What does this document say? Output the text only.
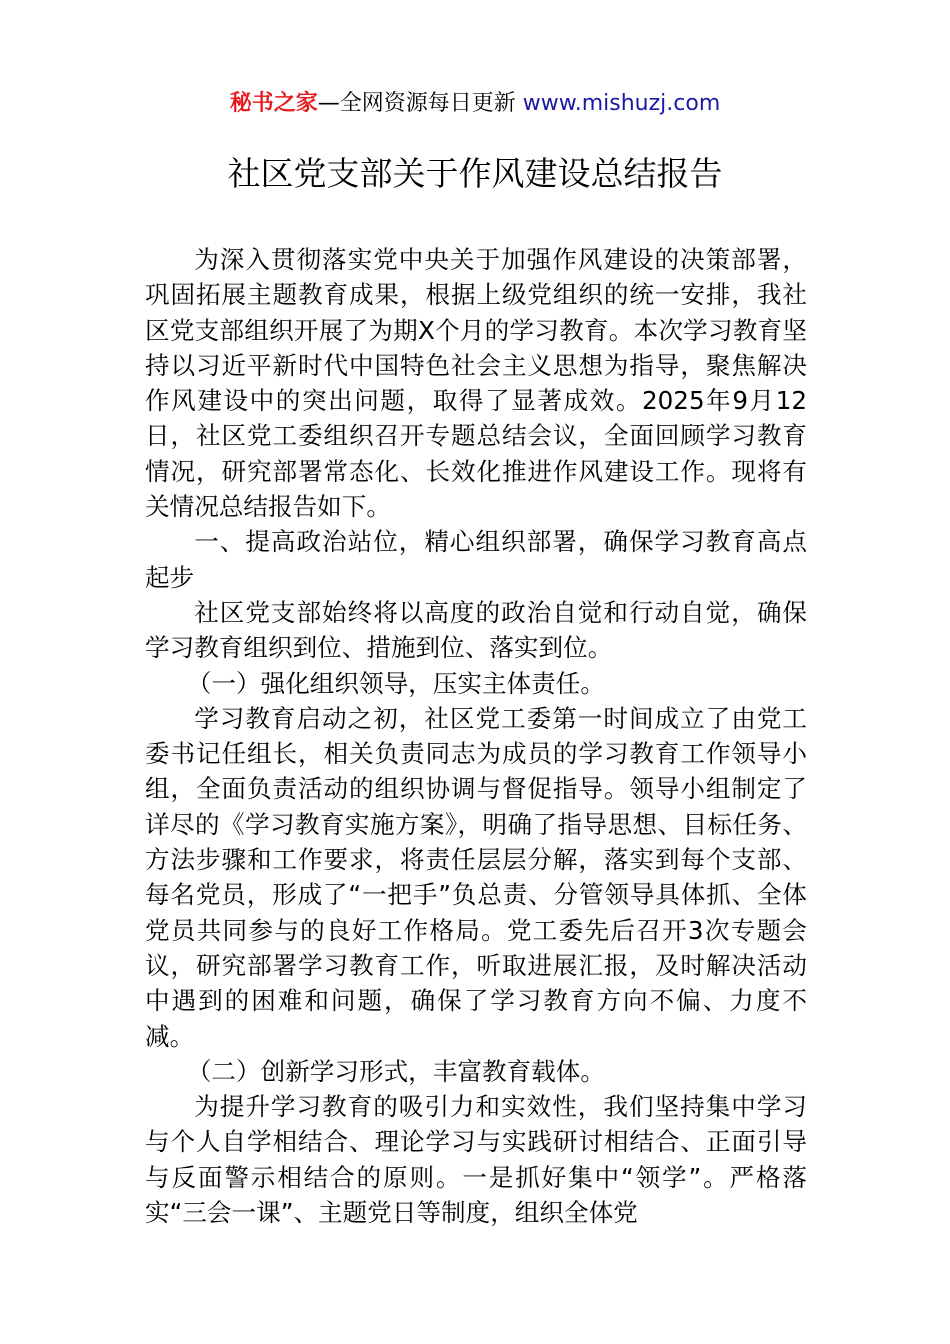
秘书之家—全网资源每日更新 www.mishuzj.com
社区党支部关于作风建设总结报告

为深入贯彻落实党中央关于加强作风建设的决策部署，巩固拓展主题教育成果，根据上级党组织的统一安排，我社区党支部组织开展了为期X个月的学习教育。本次学习教育坚持以习近平新时代中国特色社会主义思想为指导，聚焦解决作风建设中的突出问题，取得了显著成效。2025年9月12日，社区党工委组织召开专题总结会议，全面回顾学习教育情况，研究部署常态化、长效化推进作风建设工作。现将有关情况总结报告如下。

一、提高政治站位，精心组织部署，确保学习教育高点起步

社区党支部始终将以高度的政治自觉和行动自觉，确保学习教育组织到位、措施到位、落实到位。

（一）强化组织领导，压实主体责任。

学习教育启动之初，社区党工委第一时间成立了由党工委书记任组长，相关负责同志为成员的学习教育工作领导小组，全面负责活动的组织协调与督促指导。领导小组制定了详尽的《学习教育实施方案》，明确了指导思想、目标任务、方法步骤和工作要求，将责任层层分解，落实到每个支部、每名党员，形成了“一把手”负总责、分管领导具体抓、全体党员共同参与的良好工作格局。党工委先后召开3次专题会议，研究部署学习教育工作，听取进展汇报，及时解决活动中遇到的困难和问题，确保了学习教育方向不偏、力度不减。

（二）创新学习形式，丰富教育载体。

为提升学习教育的吸引力和实效性，我们坚持集中学习与个人自学相结合、理论学习与实践研讨相结合、正面引导与反面警示相结合的原则。一是抓好集中“领学”。严格落实“三会一课”、主题党日等制度，组织全体党
